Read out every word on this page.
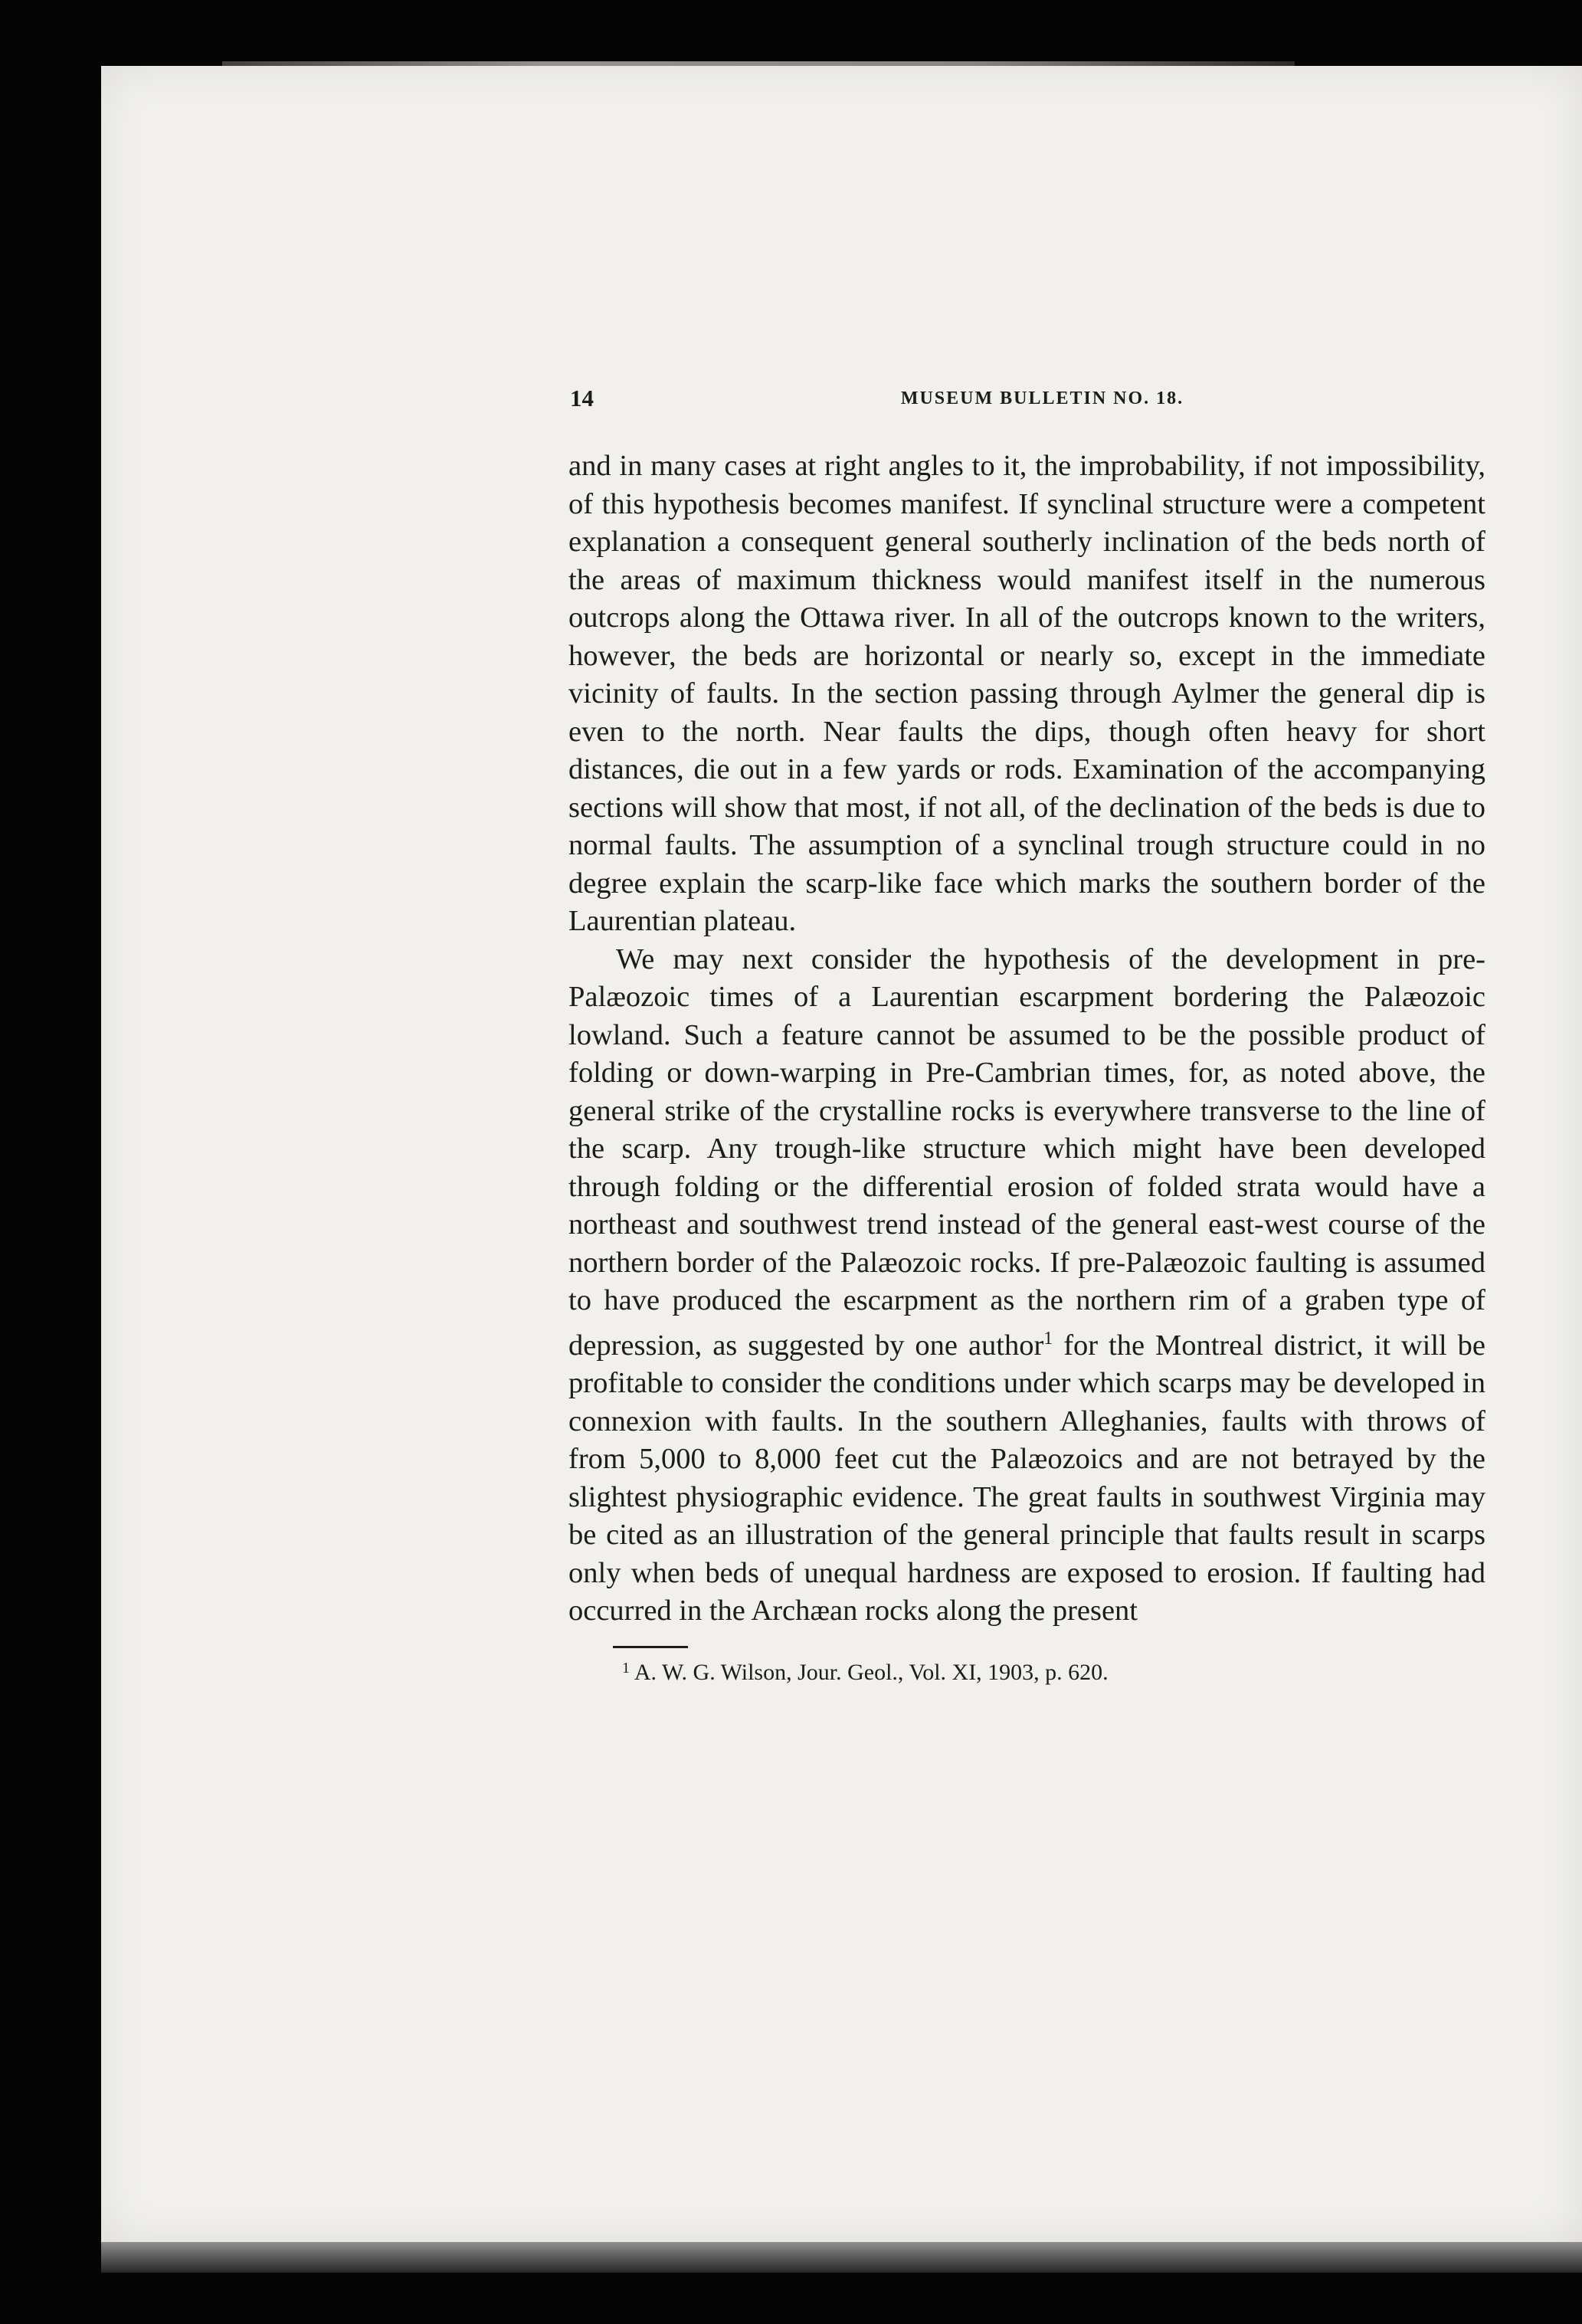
14	MUSEUM BULLETIN NO. 18.

and in many cases at right angles to it, the improbability, if not impossibility, of this hypothesis becomes manifest. If synclinal structure were a competent explanation a consequent general southerly inclination of the beds north of the areas of maximum thickness would manifest itself in the numerous outcrops along the Ottawa river. In all of the outcrops known to the writers, however, the beds are horizontal or nearly so, except in the immediate vicinity of faults. In the section passing through Aylmer the general dip is even to the north. Near faults the dips, though often heavy for short distances, die out in a few yards or rods. Examination of the accompanying sections will show that most, if not all, of the declination of the beds is due to normal faults. The assumption of a synclinal trough structure could in no degree explain the scarp-like face which marks the southern border of the Laurentian plateau.

We may next consider the hypothesis of the development in pre-Palæozoic times of a Laurentian escarpment bordering the Palæozoic lowland. Such a feature cannot be assumed to be the possible product of folding or down-warping in Pre-Cambrian times, for, as noted above, the general strike of the crystalline rocks is everywhere transverse to the line of the scarp. Any trough-like structure which might have been developed through folding or the differential erosion of folded strata would have a northeast and southwest trend instead of the general east-west course of the northern border of the Palæozoic rocks. If pre-Palæozoic faulting is assumed to have produced the escarpment as the northern rim of a graben type of depression, as suggested by one author$^1$ for the Montreal district, it will be profitable to consider the conditions under which scarps may be developed in connexion with faults. In the southern Alleghanies, faults with throws of from 5,000 to 8,000 feet cut the Palæozoics and are not betrayed by the slightest physiographic evidence. The great faults in southwest Virginia may be cited as an illustration of the general principle that faults result in scarps only when beds of unequal hardness are exposed to erosion. If faulting had occurred in the Archæan rocks along the present

$^1$ A. W. G. Wilson, Jour. Geol., Vol. XI, 1903, p. 620.
